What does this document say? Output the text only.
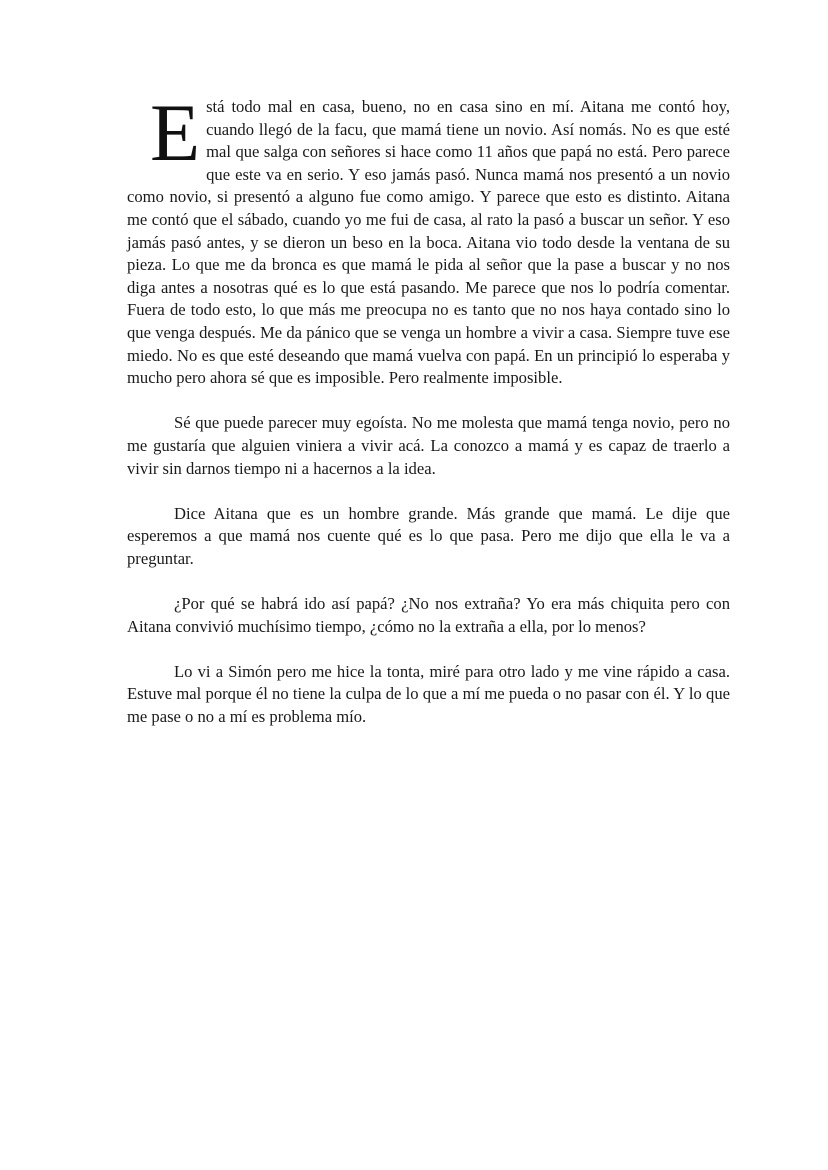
Está todo mal en casa, bueno, no en casa sino en mí. Aitana me contó hoy, cuando llegó de la facu, que mamá tiene un novio. Así nomás. No es que esté mal que salga con señores si hace como 11 años que papá no está. Pero parece que este va en serio. Y eso jamás pasó. Nunca mamá nos presentó a un novio como novio, si presentó a alguno fue como amigo. Y parece que esto es distinto. Aitana me contó que el sábado, cuando yo me fui de casa, al rato la pasó a buscar un señor. Y eso jamás pasó antes, y se dieron un beso en la boca. Aitana vio todo desde la ventana de su pieza. Lo que me da bronca es que mamá le pida al señor que la pase a buscar y no nos diga antes a nosotras qué es lo que está pasando. Me parece que nos lo podría comentar. Fuera de todo esto, lo que más me preocupa no es tanto que no nos haya contado sino lo que venga después. Me da pánico que se venga un hombre a vivir a casa. Siempre tuve ese miedo. No es que esté deseando que mamá vuelva con papá. En un principió lo esperaba y mucho pero ahora sé que es imposible. Pero realmente imposible.

Sé que puede parecer muy egoísta. No me molesta que mamá tenga novio, pero no me gustaría que alguien viniera a vivir acá. La conozco a mamá y es capaz de traerlo a vivir sin darnos tiempo ni a hacernos a la idea.

Dice Aitana que es un hombre grande. Más grande que mamá. Le dije que esperemos a que mamá nos cuente qué es lo que pasa. Pero me dijo que ella le va a preguntar.

¿Por qué se habrá ido así papá? ¿No nos extraña? Yo era más chiquita pero con Aitana convivió muchísimo tiempo, ¿cómo no la extraña a ella, por lo menos?

Lo vi a Simón pero me hice la tonta, miré para otro lado y me vine rápido a casa. Estuve mal porque él no tiene la culpa de lo que a mí me pueda o no pasar con él. Y lo que me pase o no a mí es problema mío.
